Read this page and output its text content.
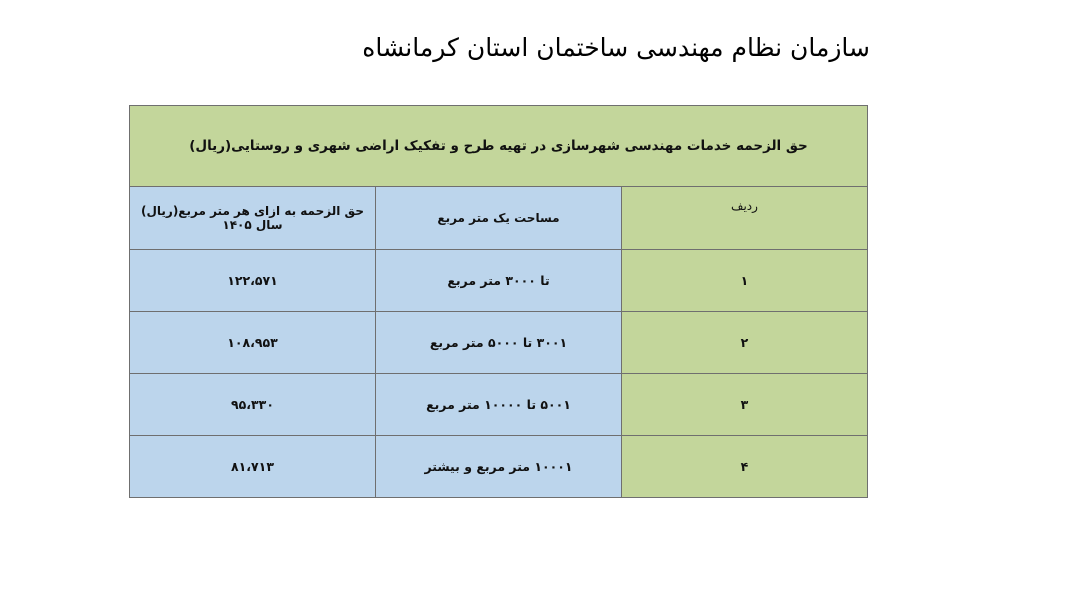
سازمان نظام مهندسی ساختمان استان کرمانشاه
حق الزحمه خدمات مهندسی شهرسازی در تهیه طرح و تفکیک اراضی شهری و روستایی(ریال)		
ردیف	مساحت یک متر مربع	حق الزحمه به ازای هر متر مربع(ریال) سال ۱۴۰۵
۱	تا ۳۰۰۰ متر مربع	۱۲۲،۵۷۱
۲	۳۰۰۱ تا ۵۰۰۰ متر مربع	۱۰۸،۹۵۳
۳	۵۰۰۱ تا ۱۰۰۰۰ متر مربع	۹۵،۳۳۰
۴	۱۰۰۰۱ متر مربع و بیشتر	۸۱،۷۱۳
